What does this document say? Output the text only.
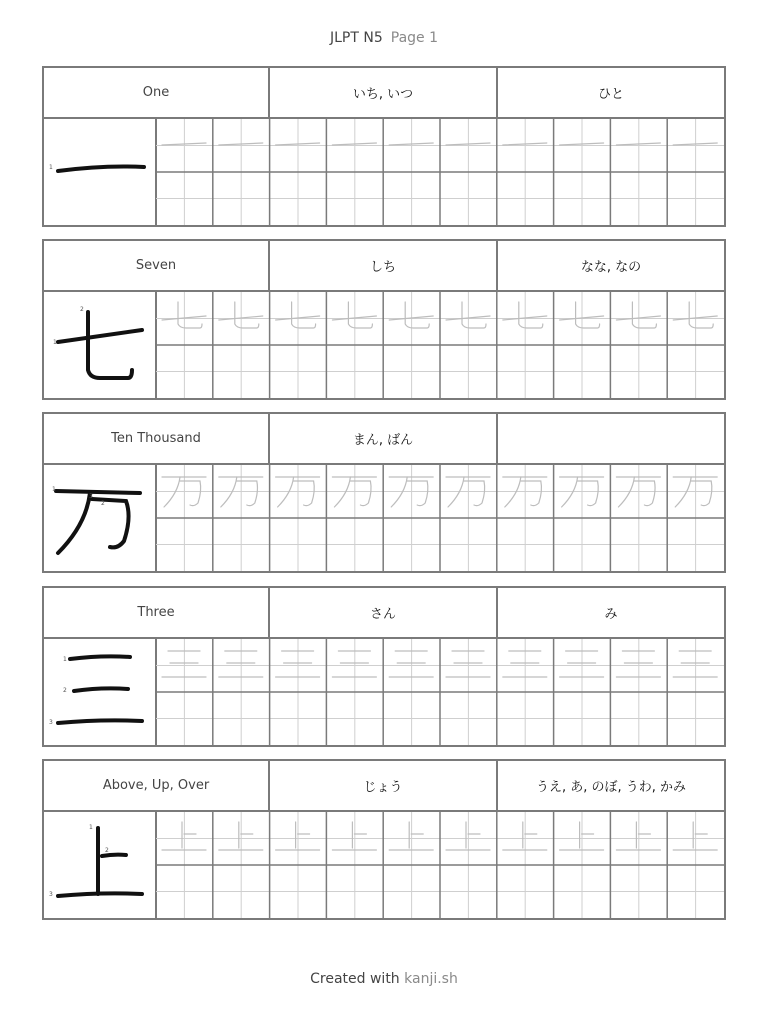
JLPT N5 Page 1
One	いち, いつ	ひと
1
Seven	しち	なな, なの
1
2
Ten Thousand	まん, ばん
1
2
3
Three	さん	み
1
2
3
Above, Up, Over	じょう	うえ, あ, のぼ, うわ, かみ
1
2
3
Created with kanji.sh
